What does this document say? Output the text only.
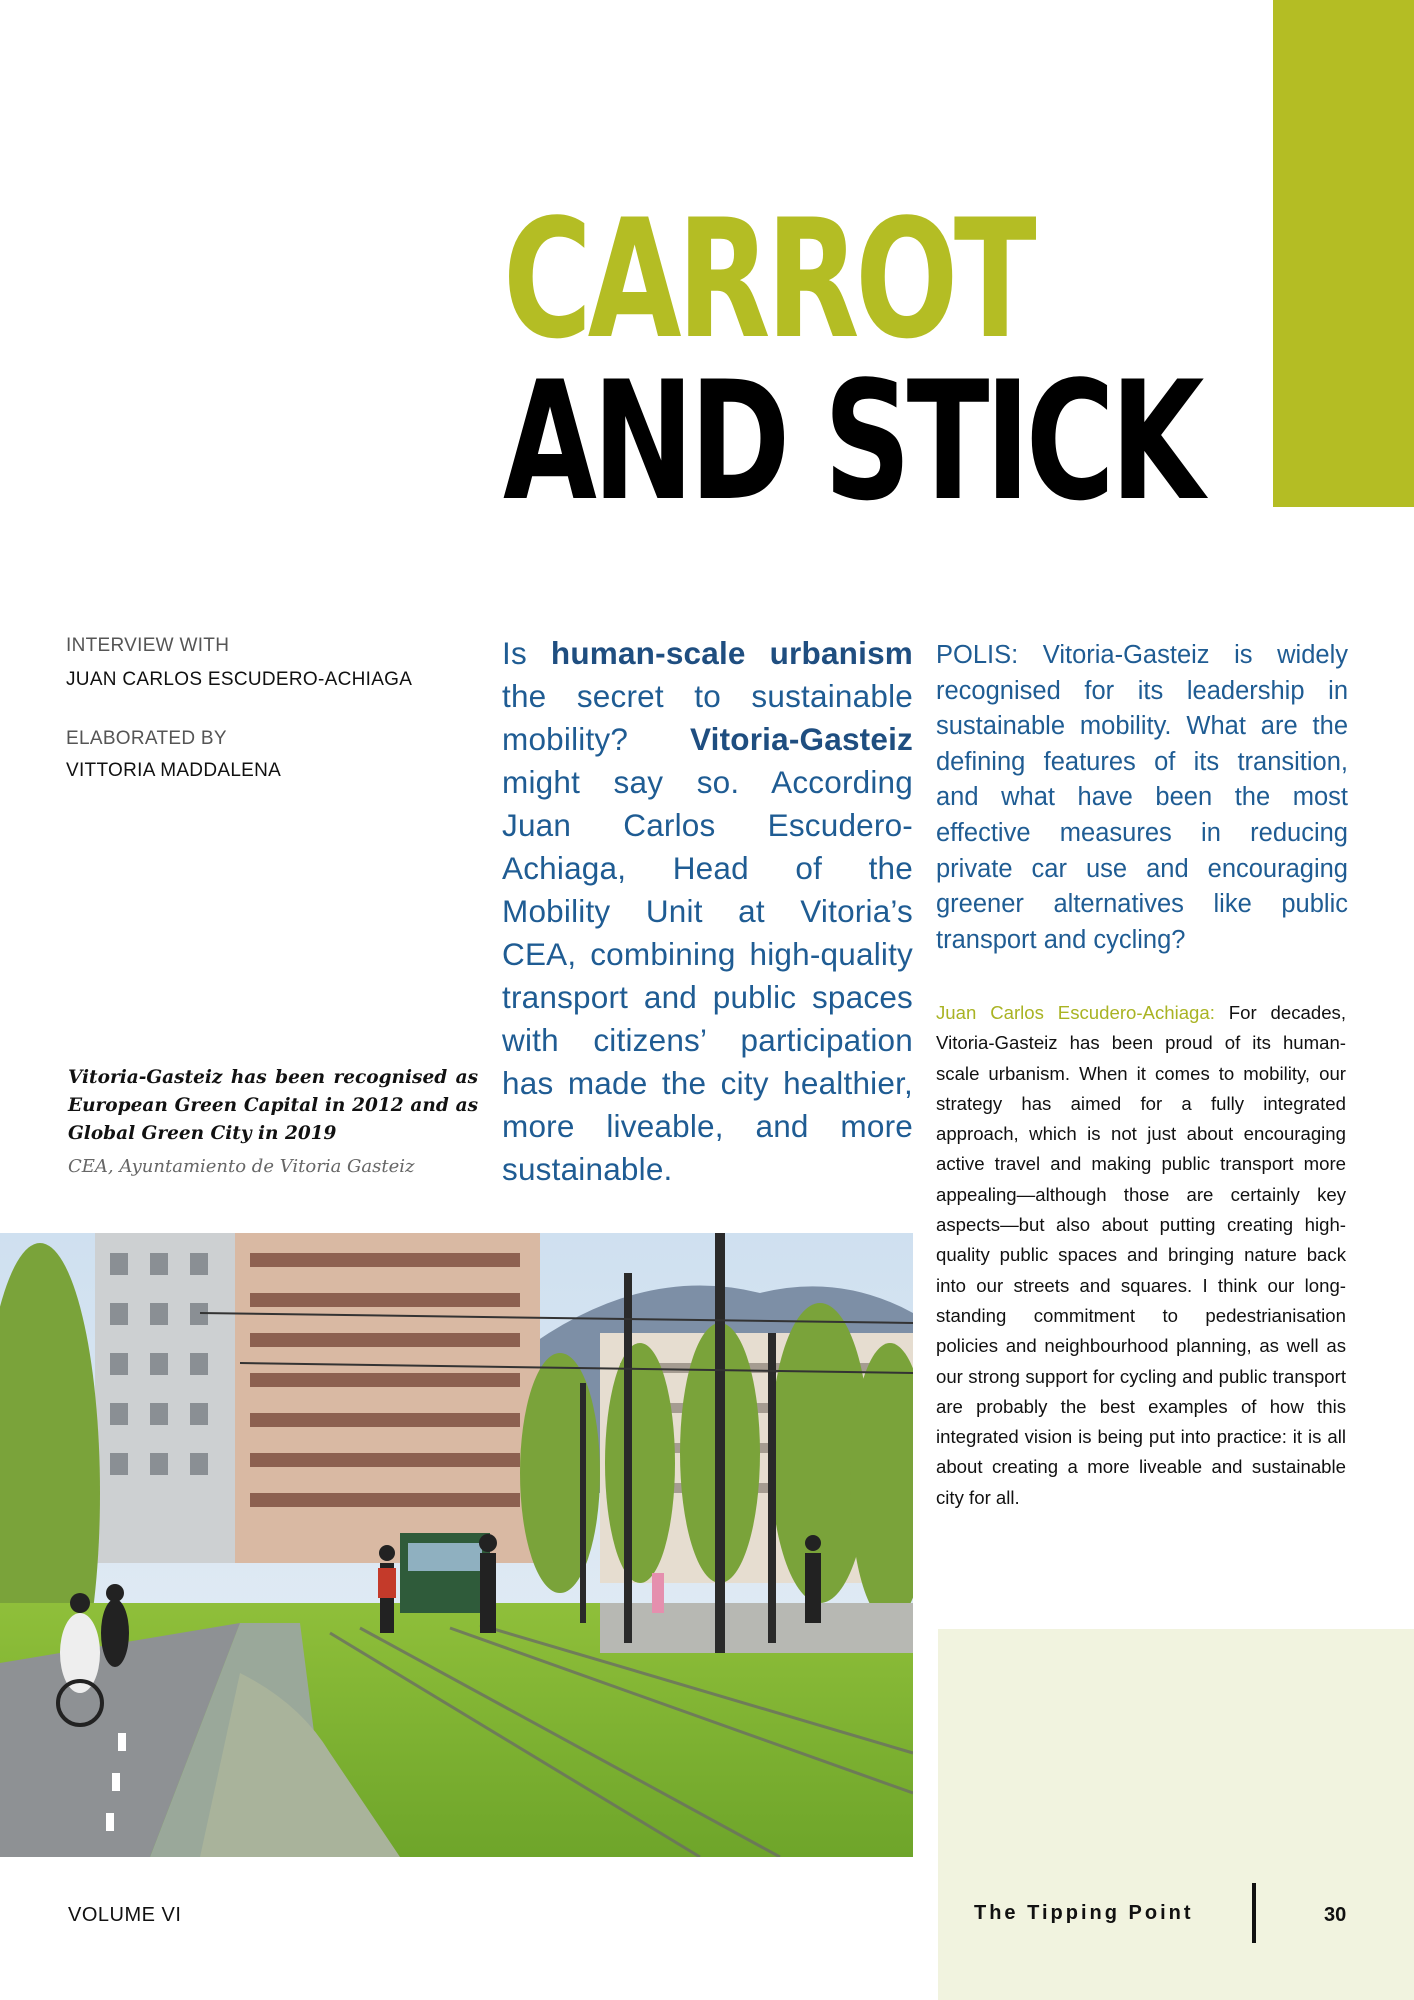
CARROT
AND STICK
INTERVIEW WITH
JUAN CARLOS ESCUDERO-ACHIAGA
ELABORATED BY
VITTORIA MADDALENA
Vitoria-Gasteiz has been recognised as European Green Capital in 2012 and as Global Green City in 2019
CEA, Ayuntamiento de Vitoria Gasteiz
Is human-scale urbanism the secret to sustainable mobility? Vitoria-Gasteiz might say so. According Juan Carlos Escudero-Achiaga, Head of the Mobility Unit at Vitoria’s CEA, combining high-quality transport and public spaces with citizens’ participation has made the city healthier, more liveable, and more sustainable.
POLIS: Vitoria-Gasteiz is widely recognised for its leadership in sustainable mobility. What are the defining features of its transition, and what have been the most effective measures in reducing private car use and encouraging greener alternatives like public transport and cycling?
Juan Carlos Escudero-Achiaga: For decades, Vitoria-Gasteiz has been proud of its human-scale urbanism. When it comes to mobility, our strategy has aimed for a fully integrated approach, which is not just about encouraging active travel and making public transport more appealing—although those are certainly key aspects—but also about putting creating high-quality public spaces and bringing nature back into our streets and squares. I think our long-standing commitment to pedestrianisation policies and neighbourhood planning, as well as our strong support for cycling and public transport are probably the best examples of how this integrated vision is being put into practice: it is all about creating a more liveable and sustainable city for all.
VOLUME VI	The Tipping Point	30
